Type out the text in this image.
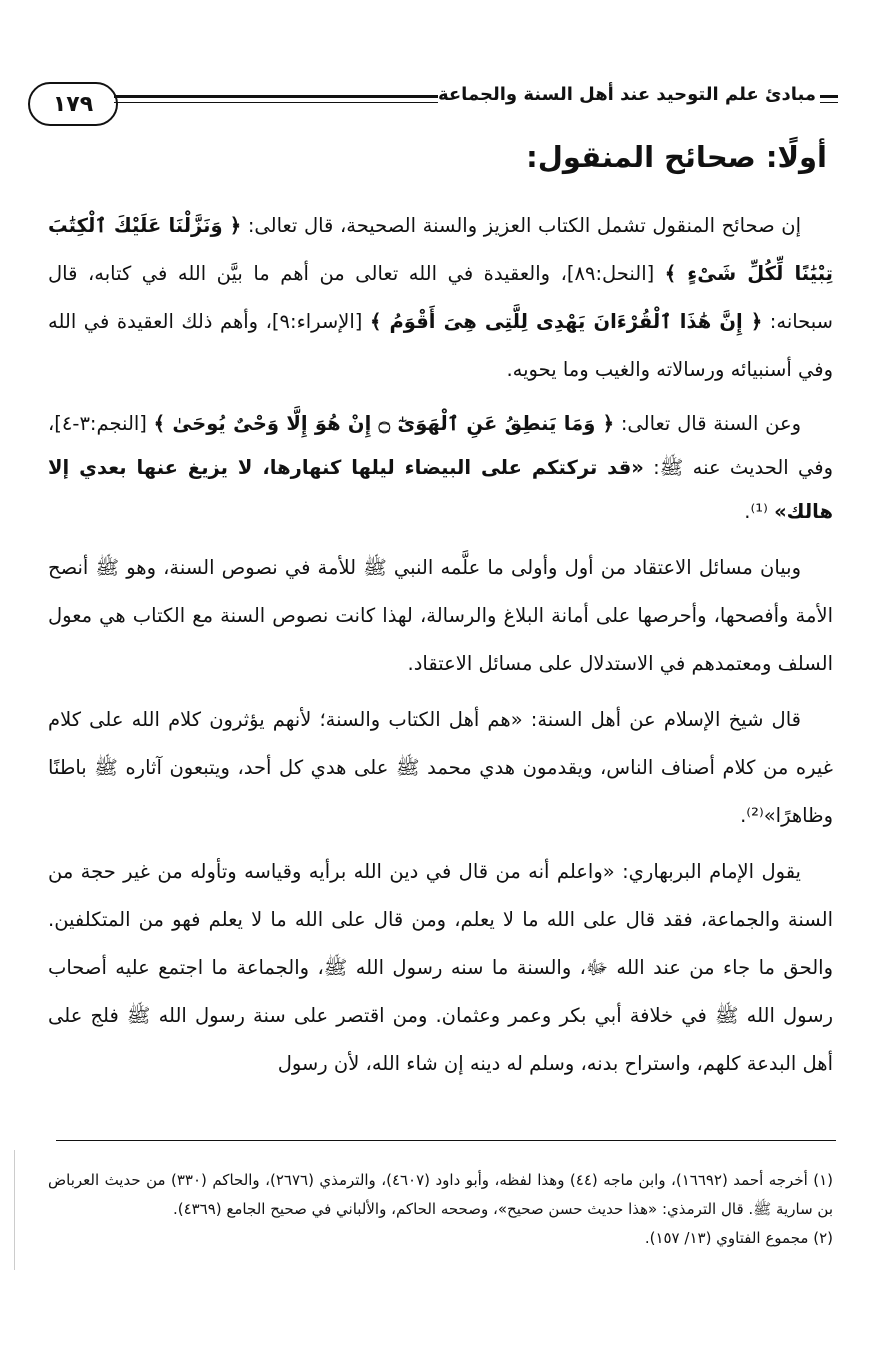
١٧٩	مبادئ علم التوحيد عند أهل السنة والجماعة
أولًا: صحائح المنقول:

إن صحائح المنقول تشمل الكتاب العزيز والسنة الصحيحة، قال تعالى: ﴿ وَنَزَّلْنَا عَلَيْكَ ٱلْكِتَٰبَ تِبْيَٰنًا لِّكُلِّ شَىْءٍ ﴾ [النحل:٨٩]، والعقيدة في الله تعالى من أهم ما بيَّن الله في كتابه، قال سبحانه: ﴿ إِنَّ هَٰذَا ٱلْقُرْءَانَ يَهْدِى لِلَّتِى هِىَ أَقْوَمُ ﴾ [الإسراء:٩]، وأهم ذلك العقيدة في الله وفي أسنبيائه ورسالاته والغيب وما يحويه.

وعن السنة قال تعالى: ﴿ وَمَا يَنطِقُ عَنِ ٱلْهَوَىٰٓ ۝ إِنْ هُوَ إِلَّا وَحْىٌ يُوحَىٰ ﴾ [النجم:٣-٤]، وفي الحديث عنه ﷺ: «قد تركتكم على البيضاء ليلها كنهارها، لا يزيغ عنها بعدي إلا هالك» ⁽¹⁾.

وبيان مسائل الاعتقاد من أول وأولى ما علَّمه النبي ﷺ للأمة في نصوص السنة، وهو ﷺ أنصح الأمة وأفصحها، وأحرصها على أمانة البلاغ والرسالة، لهذا كانت نصوص السنة مع الكتاب هي معول السلف ومعتمدهم في الاستدلال على مسائل الاعتقاد.

قال شيخ الإسلام عن أهل السنة: «هم أهل الكتاب والسنة؛ لأنهم يؤثرون كلام الله على كلام غيره من كلام أصناف الناس، ويقدمون هدي محمد ﷺ على هدي كل أحد، ويتبعون آثاره ﷺ باطنًا وظاهرًا»⁽²⁾.

يقول الإمام البربهاري: «واعلم أنه من قال في دين الله برأيه وقياسه وتأوله من غير حجة من السنة والجماعة، فقد قال على الله ما لا يعلم، ومن قال على الله ما لا يعلم فهو من المتكلفين. والحق ما جاء من عند الله ﷻ، والسنة ما سنه رسول الله ﷺ، والجماعة ما اجتمع عليه أصحاب رسول الله ﷺ في خلافة أبي بكر وعمر وعثمان. ومن اقتصر على سنة رسول الله ﷺ فلج على أهل البدعة كلهم، واستراح بدنه، وسلم له دينه إن شاء الله، لأن رسول

(١) أخرجه أحمد (١٦٦٩٢)، وابن ماجه (٤٤) وهذا لفظه، وأبو داود (٤٦٠٧)، والترمذي (٢٦٧٦)، والحاكم (٣٣٠) من حديث العرباض بن سارية ﷺ. قال الترمذي: «هذا حديث حسن صحيح»، وصححه الحاكم، والألباني في صحيح الجامع (٤٣٦٩).

(٢) مجموع الفتاوي (١٣/ ١٥٧).
